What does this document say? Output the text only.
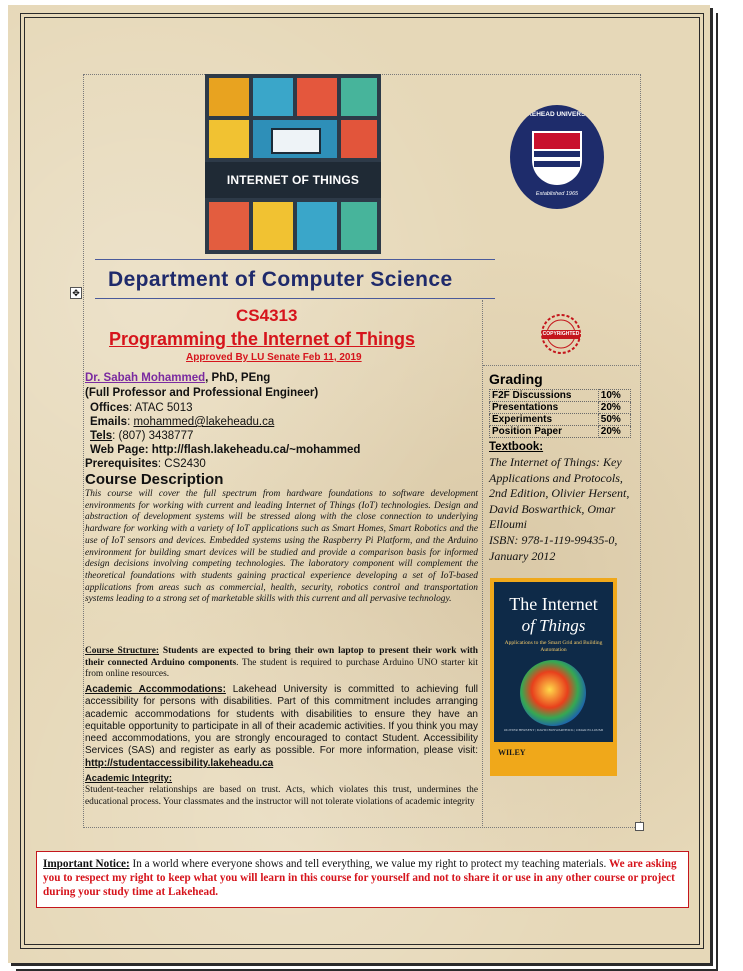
✥
INTERNET OF THINGS
LAKEHEAD UNIVERSITY
Established 1965
Department of Computer Science
CS4313
Programming the Internet of Things
Approved By LU Senate Feb 11, 2019
COPYRIGHTED
Dr. Sabah Mohammed, PhD, PEng
(Full Professor and Professional Engineer)
Offices: ATAC 5013
Emails: mohammed@lakeheadu.ca
Tels: (807) 3438777
Web Page: http://flash.lakeheadu.ca/~mohammed
Prerequisites: CS2430
Course Description
This course will cover the full spectrum from hardware foundations to software development environments for working with current and leading Internet of Things (IoT) technologies. Design and abstraction of development systems will be stressed along with the close connection to underlying hardware for working with a variety of IoT applications such as Smart Homes, Smart Robotics and the use of IoT sensors and devices. Embedded systems using the Raspberry Pi Platform, and the Arduino environment for building smart devices will be studied and provide a comparison basis for informed design decisions involving competing technologies. The laboratory component will complement the theoretical foundations with students gaining practical experience developing a set of IoT-based applications from areas such as commercial, health, security, robotics control and transportation systems leading to a strong set of marketable skills with this current and all pervasive technology.
Course Structure: Students are expected to bring their own laptop to present their work with their connected Arduino components. The student is required to purchase Arduino UNO starter kit from online resources.
Academic Accommodations: Lakehead University is committed to achieving full accessibility for persons with disabilities. Part of this commitment includes arranging academic accommodations for students with disabilities to ensure they have an equitable opportunity to participate in all of their academic activities. If you think you may need accommodations, you are strongly encouraged to contact Student. Accessibility Services (SAS) and register as early as possible. For more information, please visit: http://studentaccessibility.lakeheadu.ca
Academic Integrity:
Student-teacher relationships are based on trust. Acts, which violates this trust, undermines the educational process. Your classmates and the instructor will not tolerate violations of academic integrity
Grading
F2F Discussions	10%
Presentations	20%
Experiments	50%
Position Paper	20%
Textbook:
The Internet of Things: Key Applications and Protocols, 2nd Edition, Olivier Hersent, David Boswarthick, Omar Elloumi
ISBN: 978-1-119-99435-0, January 2012
The Internet
of Things
Applications to the Smart Grid and Building Automation
OLIVIER HERSENT | DAVID BOSWARTHICK | OMAR ELLOUMI
WILEY
Important Notice: In a world where everyone shows and tell everything, we value my right to protect my teaching materials. We are asking you to respect my right to keep what you will learn in this course for yourself and not to share it or use in any other course or project during your study time at Lakehead.
